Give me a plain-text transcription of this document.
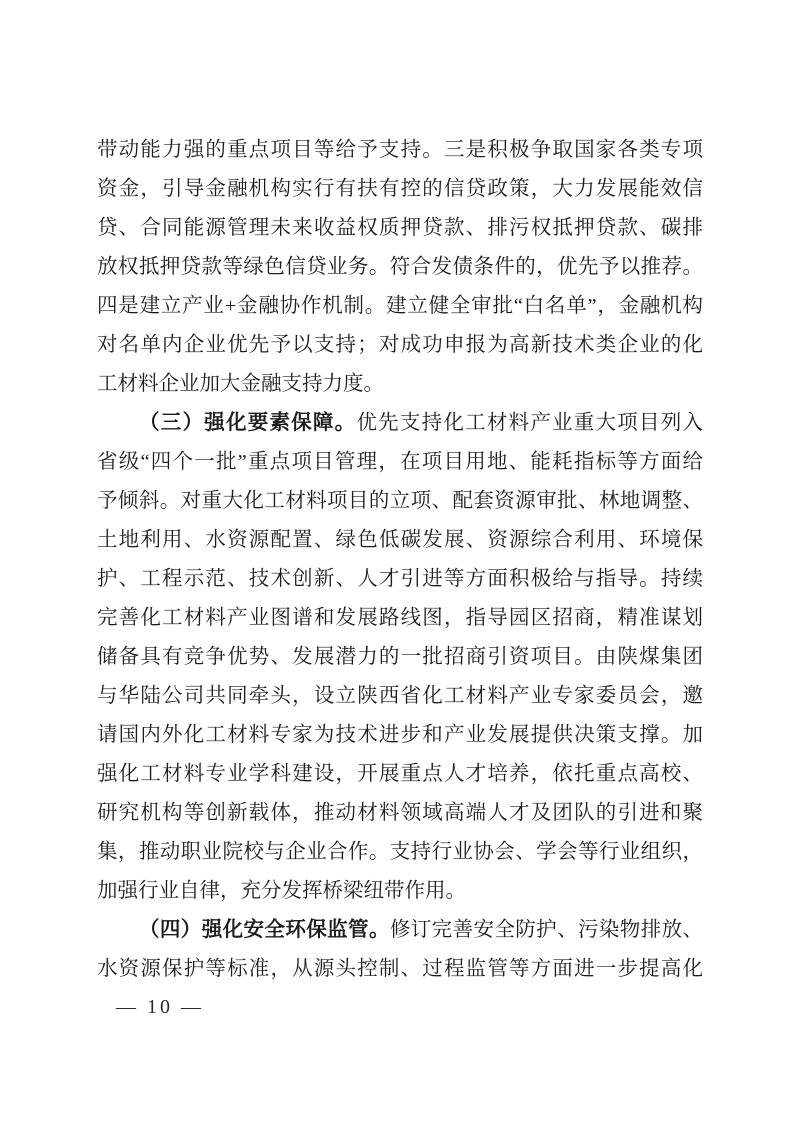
带动能力强的重点项目等给予支持。三是积极争取国家各类专项
资金，引导金融机构实行有扶有控的信贷政策，大力发展能效信
贷、合同能源管理未来收益权质押贷款、排污权抵押贷款、碳排
放权抵押贷款等绿色信贷业务。符合发债条件的，优先予以推荐。
四是建立产业+金融协作机制。建立健全审批“白名单”，金融机构
对名单内企业优先予以支持；对成功申报为高新技术类企业的化
工材料企业加大金融支持力度。
（三）强化要素保障。优先支持化工材料产业重大项目列入
省级“四个一批”重点项目管理，在项目用地、能耗指标等方面给
予倾斜。对重大化工材料项目的立项、配套资源审批、林地调整、
土地利用、水资源配置、绿色低碳发展、资源综合利用、环境保
护、工程示范、技术创新、人才引进等方面积极给与指导。持续
完善化工材料产业图谱和发展路线图，指导园区招商，精准谋划
储备具有竞争优势、发展潜力的一批招商引资项目。由陕煤集团
与华陆公司共同牵头，设立陕西省化工材料产业专家委员会，邀
请国内外化工材料专家为技术进步和产业发展提供决策支撑。加
强化工材料专业学科建设，开展重点人才培养，依托重点高校、
研究机构等创新载体，推动材料领域高端人才及团队的引进和聚
集，推动职业院校与企业合作。支持行业协会、学会等行业组织，
加强行业自律，充分发挥桥梁纽带作用。
（四）强化安全环保监管。修订完善安全防护、污染物排放、
水资源保护等标准，从源头控制、过程监管等方面进一步提高化
— 10 —
